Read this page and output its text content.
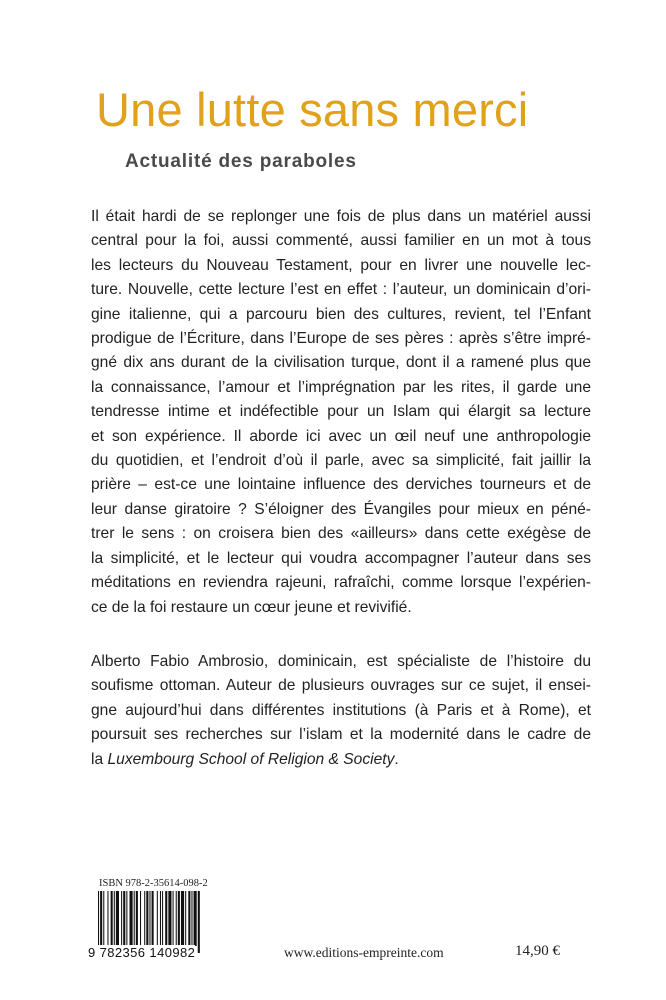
Une lutte sans merci
Actualité des paraboles
Il était hardi de se replonger une fois de plus dans un matériel aussi
central pour la foi, aussi commenté, aussi familier en un mot à tous
les lecteurs du Nouveau Testament, pour en livrer une nouvelle lec-
ture. Nouvelle, cette lecture l’est en effet : l’auteur, un dominicain d’ori-
gine italienne, qui a parcouru bien des cultures, revient, tel l’Enfant
prodigue de l’Écriture, dans l’Europe de ses pères : après s’être impré-
gné dix ans durant de la civilisation turque, dont il a ramené plus que
la connaissance, l’amour et l’imprégnation par les rites, il garde une
tendresse intime et indéfectible pour un Islam qui élargit sa lecture
et son expérience. Il aborde ici avec un œil neuf une anthropologie
du quotidien, et l’endroit d’où il parle, avec sa simplicité, fait jaillir la
prière – est-ce une lointaine influence des derviches tourneurs et de
leur danse giratoire ? S’éloigner des Évangiles pour mieux en péné-
trer le sens : on croisera bien des «ailleurs» dans cette exégèse de
la simplicité, et le lecteur qui voudra accompagner l’auteur dans ses
méditations en reviendra rajeuni, rafraîchi, comme lorsque l’expérien-
ce de la foi restaure un cœur jeune et revivifié.
Alberto Fabio Ambrosio, dominicain, est spécialiste de l’histoire du
soufisme ottoman. Auteur de plusieurs ouvrages sur ce sujet, il ensei-
gne aujourd’hui dans différentes institutions (à Paris et à Rome), et
poursuit ses recherches sur l’islam et la modernité dans le cadre de
la Luxembourg School of Religion & Society.
ISBN 978-2-35614-098-2
9 782356 140982	www.editions-empreinte.com	14,90 €
